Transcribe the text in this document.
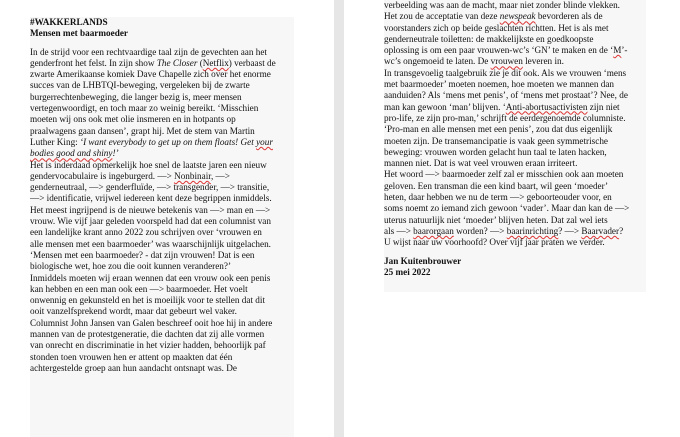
#WAKKERLANDS
Mensen met baarmoeder
In de strijd voor een rechtvaardige taal zijn de gevechten aan het
genderfront het felst. In zijn show The Closer (Netflix) verbaast de
zwarte Amerikaanse komiek Dave Chapelle zich over het enorme
succes van de LHBTQI-beweging, vergeleken bij de zwarte
burgerrechtenbeweging, die langer bezig is, meer mensen
vertegenwoordigt, en toch maar zo weinig bereikt. ‘Misschien
moeten wij ons ook met olie insmeren en in hotpants op
praalwagens gaan dansen’, grapt hij. Met de stem van Martin
Luther King: ‘I want everybody to get up on them floats! Get your
bodies good and shiny!’
Het is inderdaad opmerkelijk hoe snel de laatste jaren een nieuw
gendervocabulaire is ingeburgerd. —> Nonbinair, —>
genderneutraal, —> genderfluïde, —> transgender, —> transitie,
—> identificatie, vrijwel iedereen kent deze begrippen inmiddels.
Het meest ingrijpend is de nieuwe betekenis van —> man en —>
vrouw. Wie vijf jaar geleden voorspeld had dat een columnist van
een landelijke krant anno 2022 zou schrijven over ‘vrouwen en
alle mensen met een baarmoeder’ was waarschijnlijk uitgelachen.
‘Mensen met een baarmoeder? - dat zijn vrouwen! Dat is een
biologische wet, hoe zou die ooit kunnen veranderen?’
Inmiddels moeten wij eraan wennen dat een vrouw ook een penis
kan hebben en een man ook een —> baarmoeder. Het voelt
onwennig en gekunsteld en het is moeilijk voor te stellen dat dit
ooit vanzelfsprekend wordt, maar dat gebeurt wel vaker.
Columnist John Jansen van Galen beschreef ooit hoe hij in andere
mannen van de protestgeneratie, die dachten dat zij alle vormen
van onrecht en discriminatie in het vizier hadden, behoorlijk paf
stonden toen vrouwen hen er attent op maakten dat één
achtergestelde groep aan hun aandacht ontsnapt was. De
verbeelding was aan de macht, maar niet zonder blinde vlekken.
Het zou de acceptatie van deze newspeak bevorderen als de
voorstanders zich op beide geslachten richtten. Het is als met
genderneutrale toiletten: de makkelijkste en goedkoopste
oplossing is om een paar vrouwen-wc’s ‘GN’ te maken en de ‘M’-
wc’s ongemoeid te laten. De vrouwen leveren in.
In transgevoelig taalgebruik zie je dit ook. Als we vrouwen ‘mens
met baarmoeder’ moeten noemen, hoe moeten we mannen dan
aanduiden? Als ‘mens met penis’, of ‘mens met prostaat’? Nee, de
man kan gewoon ‘man’ blijven. ‘Anti-abortusactivisten zijn niet
pro-life, ze zijn pro-man,’ schrijft de eerdergenoemde columniste.
‘Pro-man en alle mensen met een penis’, zou dat dus eigenlijk
moeten zijn. De transemancipatie is vaak geen symmetrische
beweging: vrouwen worden gelacht hun taal te laten hacken,
mannen niet. Dat is wat veel vrouwen eraan irriteert.
Het woord —> baarmoeder zelf zal er misschien ook aan moeten
geloven. Een transman die een kind baart, wil geen ‘moeder’
heten, daar hebben we nu de term —> geboorteouder voor, en
soms noemt zo iemand zich gewoon ‘vader’. Maar dan kan de —>
uterus natuurlijk niet ‘moeder’ blijven heten. Dat zal wel iets
als —> baarorgaan worden? —> baarinrichting? —> Baarvader?
U wijst naar uw voorhoofd? Over vijf jaar praten we verder.
Jan Kuitenbrouwer
25 mei 2022
